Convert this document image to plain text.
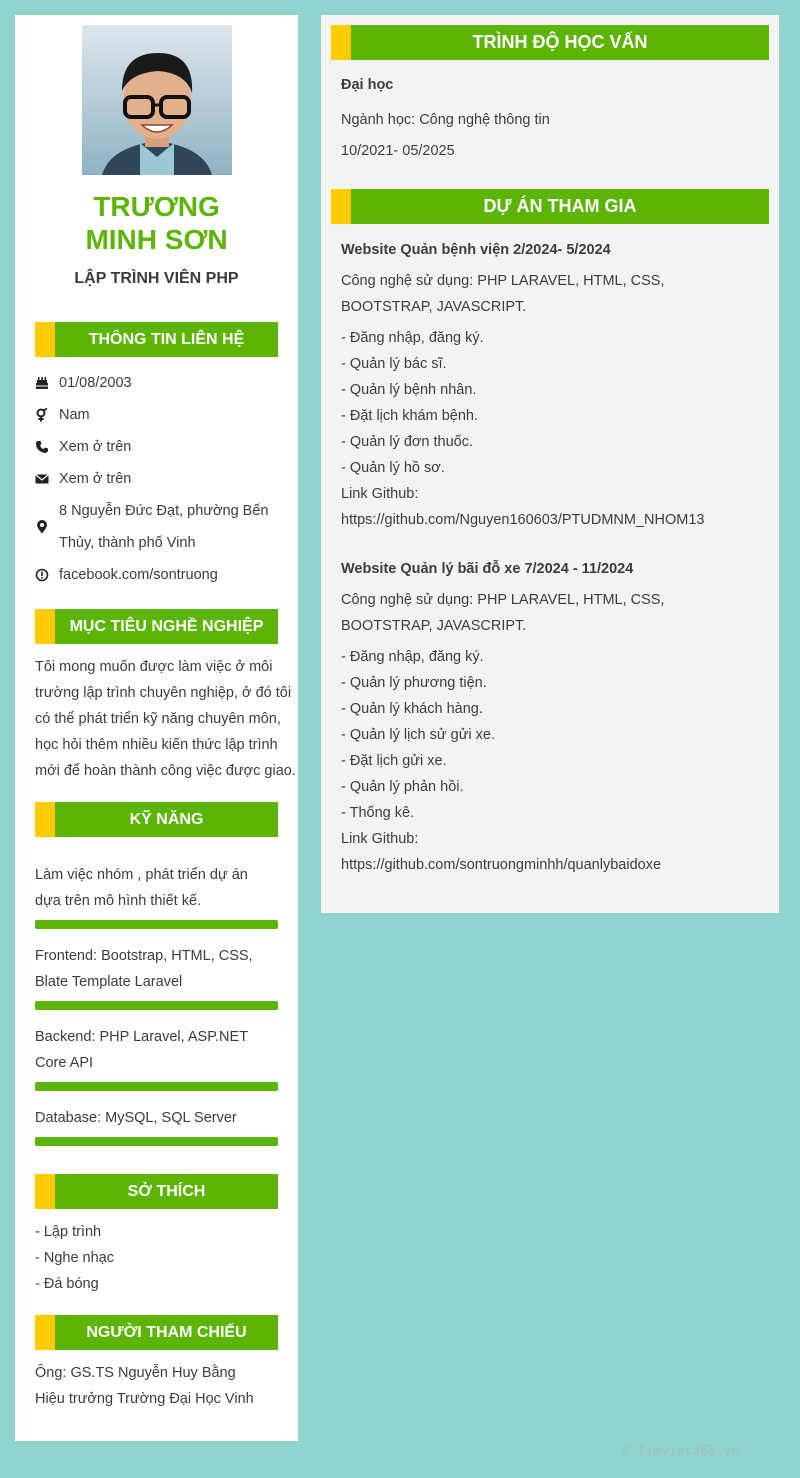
TRƯƠNG MINH SƠN
LẬP TRÌNH VIÊN PHP
THÔNG TIN LIÊN HỆ
01/08/2003
Nam
Xem ở trên
Xem ở trên
8 Nguyễn Đức Đạt, phường Bến Thủy, thành phố Vinh
facebook.com/sontruong
MỤC TIÊU NGHỀ NGHIỆP
Tôi mong muốn được làm việc ở môi trường lập trình chuyên nghiệp, ở đó tôi có thể phát triển kỹ năng chuyên môn, học hỏi thêm nhiều kiến thức lập trình mới để hoàn thành công việc được giao.
KỸ NĂNG
Làm việc nhóm , phát triển dự án dựa trên mô hình thiết kế.
Frontend: Bootstrap, HTML, CSS, Blate Template Laravel
Backend: PHP Laravel, ASP.NET Core API
Database: MySQL, SQL Server
SỞ THÍCH
- Lập trình
- Nghe nhạc
- Đá bóng
NGƯỜI THAM CHIẾU
Ông: GS.TS Nguyễn Huy Bằng
Hiệu trưởng Trường Đại Học Vinh
TRÌNH ĐỘ HỌC VẤN
Đại học
Ngành học: Công nghệ thông tin
10/2021- 05/2025
DỰ ÁN THAM GIA
Website Quản bệnh viện 2/2024- 5/2024
Công nghệ sử dụng: PHP LARAVEL, HTML, CSS, BOOTSTRAP, JAVASCRIPT.
- Đăng nhập, đăng ký.
- Quản lý bác sĩ.
- Quản lý bệnh nhân.
- Đặt lịch khám bệnh.
- Quản lý đơn thuốc.
- Quản lý hồ sơ.
Link Github:
https://github.com/Nguyen160603/PTUDMNM_NHOM13
Website Quản lý bãi đỗ xe 7/2024 - 11/2024
Công nghệ sử dụng: PHP LARAVEL, HTML, CSS, BOOTSTRAP, JAVASCRIPT.
- Đăng nhập, đăng ký.
- Quản lý phương tiện.
- Quản lý khách hàng.
- Quản lý lịch sử gửi xe.
- Đặt lịch gửi xe.
- Quản lý phản hồi.
- Thống kê.
Link Github:
https://github.com/sontruongminhh/quanlybaidoxe
© Timviec365.vn
